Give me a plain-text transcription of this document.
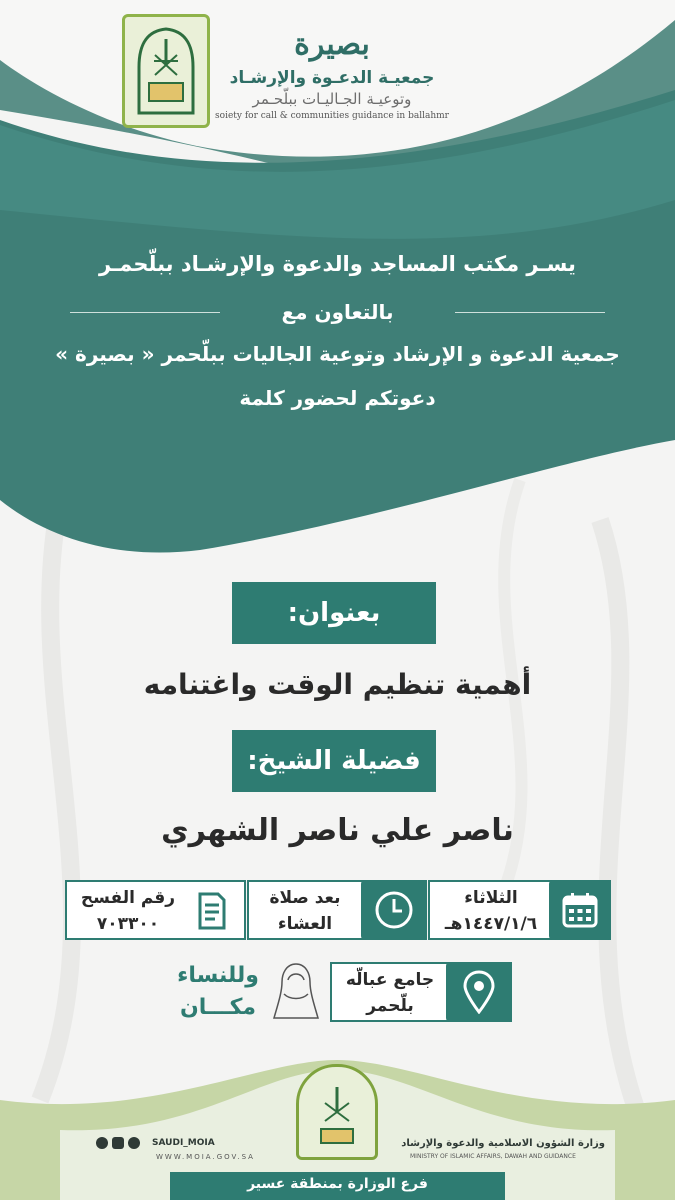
بصيرة
جمعيـة الدعـوة والإرشـاد
وتوعيـة الجـاليـات ببلّحـمر
soiety for call & communities guidance in ballahmr
يسـر مكتب المساجد والدعوة والإرشـاد ببلّحمـر
بالتعاون مع
جمعية الدعوة و الإرشاد وتوعية الجاليات ببلّحمر « بصيرة »
دعوتكم لحضور كلمة
بعنوان:
أهمية تنظيم الوقت واغتنامه
فضيلة الشيخ:
ناصر علي ناصر الشهري
الثلاثاء
١٤٤٧/١/٦هـ
بعد صلاة
العشاء
رقم الفسح
٧٠٣٣٠٠
جامع عبالّه
بلّحمر
وللنساء
مكـــان
وزارة الشؤون الاسلامية والدعوة والإرشاد
MINISTRY OF ISLAMIC AFFAIRS, DAWAH AND GUIDANCE
SAUDI_MOIA
WWW.MOIA.GOV.SA
فرع الوزارة بمنطقة عسير
